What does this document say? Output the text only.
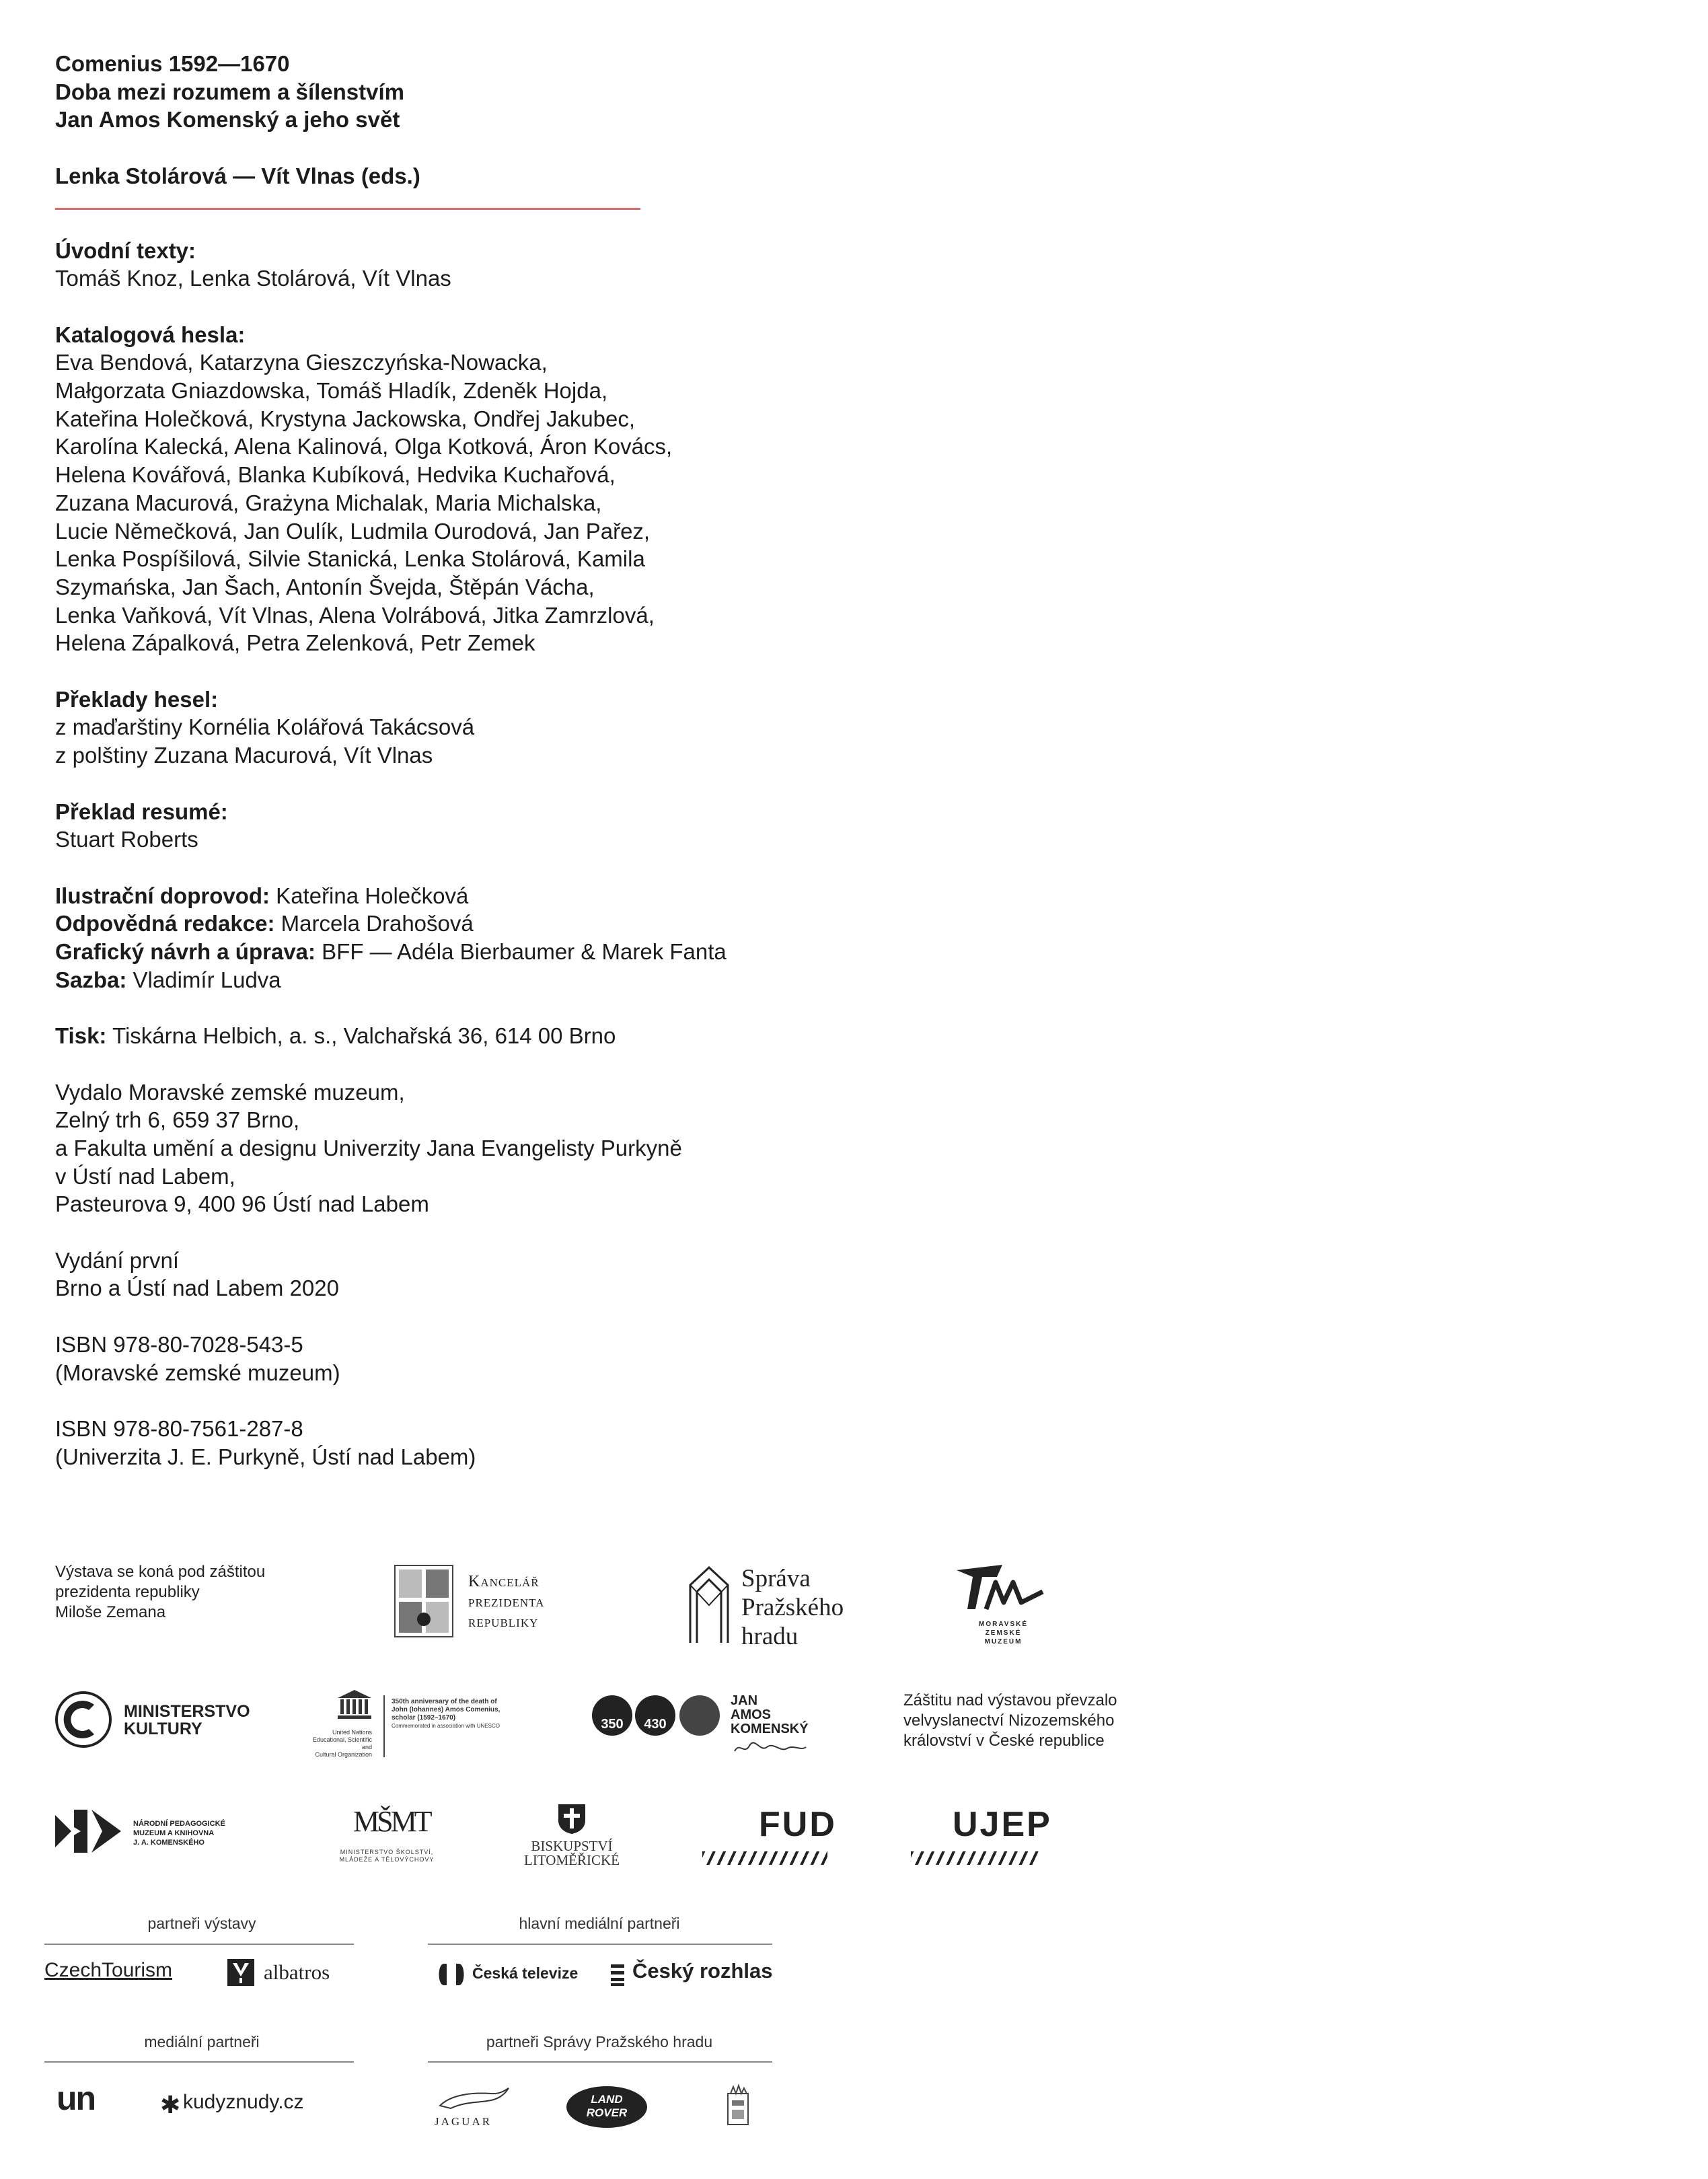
Comenius 1592—1670

Doba mezi rozumem a šílenstvím

Jan Amos Komenský a jeho svět

Lenka Stolárová — Vít Vlnas (eds.)

Úvodní texty:

Tomáš Knoz, Lenka Stolárová, Vít Vlnas

Katalogová hesla:

Eva Bendová, Katarzyna Gieszczyńska-Nowacka,

Małgorzata Gniazdowska, Tomáš Hladík, Zdeněk Hojda,

Kateřina Holečková, Krystyna Jackowska, Ondřej Jakubec,

Karolína Kalecká, Alena Kalinová, Olga Kotková, Áron Kovács,

Helena Kovářová, Blanka Kubíková, Hedvika Kuchařová,

Zuzana Macurová, Grażyna Michalak, Maria Michalska,

Lucie Němečková, Jan Oulík, Ludmila Ourodová, Jan Pařez,

Lenka Pospíšilová, Silvie Stanická, Lenka Stolárová, Kamila

Szymańska, Jan Šach, Antonín Švejda, Štěpán Vácha,

Lenka Vaňková, Vít Vlnas, Alena Volrábová, Jitka Zamrzlová,

Helena Zápalková, Petra Zelenková, Petr Zemek

Překlady hesel:

z maďarštiny Kornélia Kolářová Takácsová

z polštiny Zuzana Macurová, Vít Vlnas

Překlad resumé:

Stuart Roberts

Ilustrační doprovod: Kateřina Holečková

Odpovědná redakce: Marcela Drahošová

Grafický návrh a úprava: BFF — Adéla Bierbaumer & Marek Fanta

Sazba: Vladimír Ludva

Tisk: Tiskárna Helbich, a. s., Valchařská 36, 614 00 Brno

Vydalo Moravské zemské muzeum,

Zelný trh 6, 659 37 Brno,

a Fakulta umění a designu Univerzity Jana Evangelisty Purkyně

v Ústí nad Labem,

Pasteurova 9, 400 96 Ústí nad Labem

Vydání první

Brno a Ústí nad Labem 2020

ISBN 978-80-7028-543-5

(Moravské zemské muzeum)

ISBN 978-80-7561-287-8

(Univerzita J. E. Purkyně, Ústí nad Labem)

Výstava se koná pod záštitou
prezidenta republiky
Miloše Zemana
Kancelář
prezidenta
republiky
Správa
Pražského
hradu	MORAVSKÉ
ZEMSKÉ
MUZEUM
MINISTERSTVO
KULTURY	United Nations
Educational, Scientific and
Cultural Organization
350th anniversary of the death of
John (Iohannes) Amos Comenius,
scholar (1592–1670)
Commemorated in association with UNESCO	350	430
JAN
AMOS
KOMENSKÝ
Záštitu nad výstavou převzalo
velvyslanectví Nizozemského
království v České republice
NÁRODNÍ PEDAGOGICKÉ
MUZEUM A KNIHOVNA
J. A. KOMENSKÉHO
MŠMT
MINISTERSTVO ŠKOLSTVÍ,
MLÁDEŽE A TĚLOVÝCHOVY
BISKUPSTVÍ
LITOMĚŘICKÉ
FUD	UJEP
partneři výstavy	hlavní mediální partneři
CzechTourism	albatros	Česká televize	Český rozhlas
mediální partneři	partneři Správy Pražského hradu
un	✱ kudyznudy.cz
JAGUAR
LAND
ROVER
